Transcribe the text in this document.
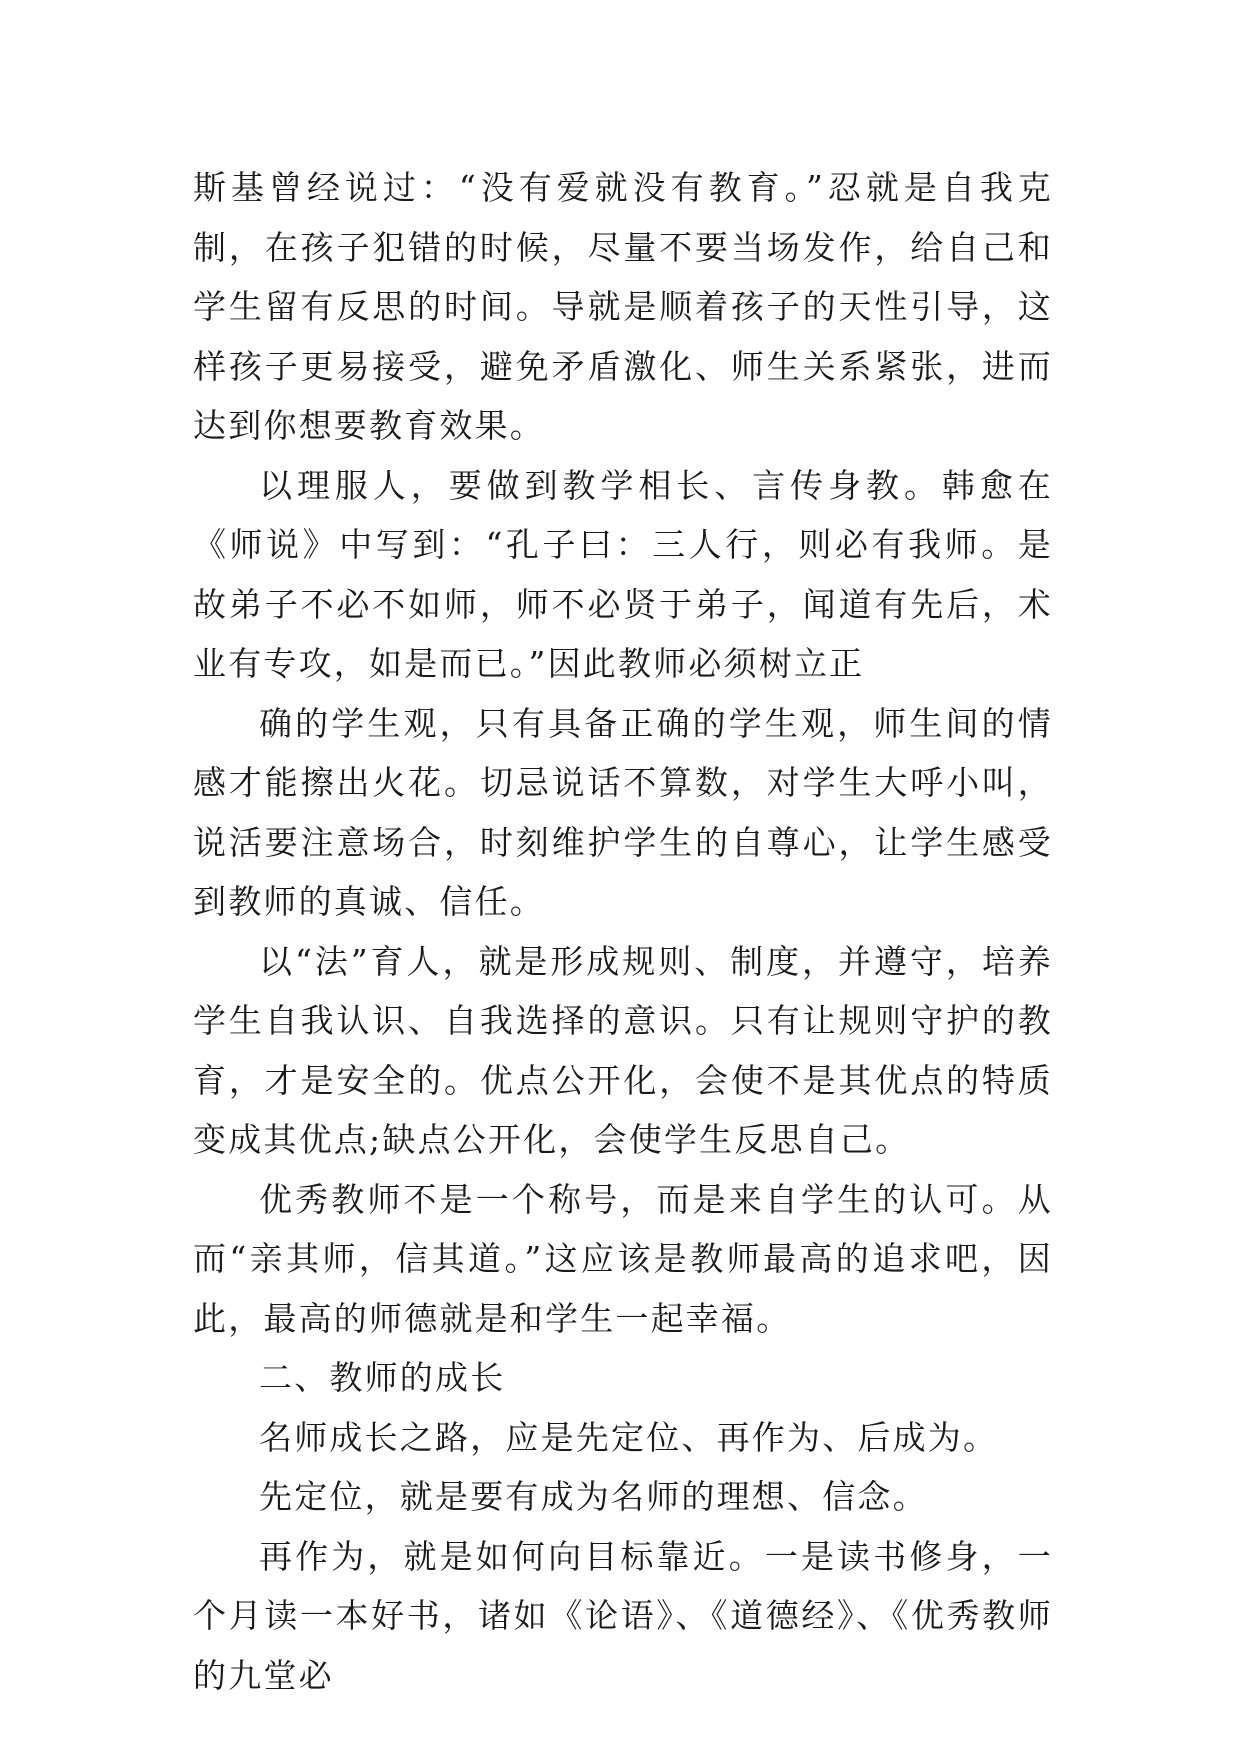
斯基曾经说过：“没有爱就没有教育。”忍就是自我克制，在孩子犯错的时候，尽量不要当场发作，给自己和学生留有反思的时间。导就是顺着孩子的天性引导，这样孩子更易接受，避免矛盾激化、师生关系紧张，进而达到你想要教育效果。

以理服人，要做到教学相长、言传身教。韩愈在《师说》中写到：“孔子曰：三人行，则必有我师。是故弟子不必不如师，师不必贤于弟子，闻道有先后，术业有专攻，如是而已。”因此教师必须树立正

确的学生观，只有具备正确的学生观，师生间的情感才能擦出火花。切忌说话不算数，对学生大呼小叫，说活要注意场合，时刻维护学生的自尊心，让学生感受到教师的真诚、信任。

以“法”育人，就是形成规则、制度，并遵守，培养学生自我认识、自我选择的意识。只有让规则守护的教育，才是安全的。优点公开化，会使不是其优点的特质变成其优点;缺点公开化，会使学生反思自己。

优秀教师不是一个称号，而是来自学生的认可。从而“亲其师，信其道。”这应该是教师最高的追求吧，因此，最高的师德就是和学生一起幸福。

二、教师的成长

名师成长之路，应是先定位、再作为、后成为。

先定位，就是要有成为名师的理想、信念。

再作为，就是如何向目标靠近。一是读书修身，一个月读一本好书，诸如《论语》、《道德经》、《优秀教师的九堂必
